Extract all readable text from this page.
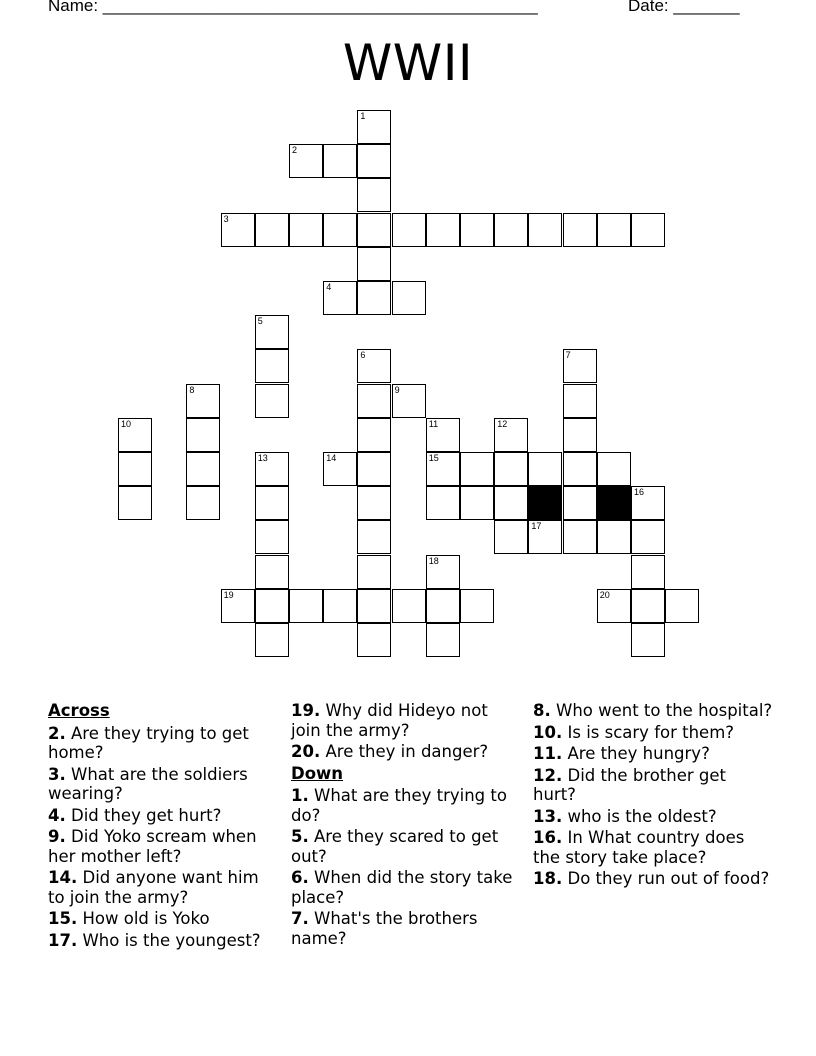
Name: ______________________________________________	Date: _______
WWII
1
2
3
4
5
6	7
8	9
10	11	12
13	14	15
16
17
18
19	20
Across
2. Are they trying to get home?
3. What are the soldiers wearing?
4. Did they get hurt?
9. Did Yoko scream when her mother left?
14. Did anyone want him to join the army?
15. How old is Yoko
17. Who is the youngest?
19. Why did Hideyo not join the army?
20. Are they in danger?
Down
1. What are they trying to do?
5. Are they scared to get out?
6. When did the story take place?
7. What's the brothers name?
8. Who went to the hospital?
10. Is is scary for them?
11. Are they hungry?
12. Did the brother get hurt?
13. who is the oldest?
16. In What country does the story take place?
18. Do they run out of food?
